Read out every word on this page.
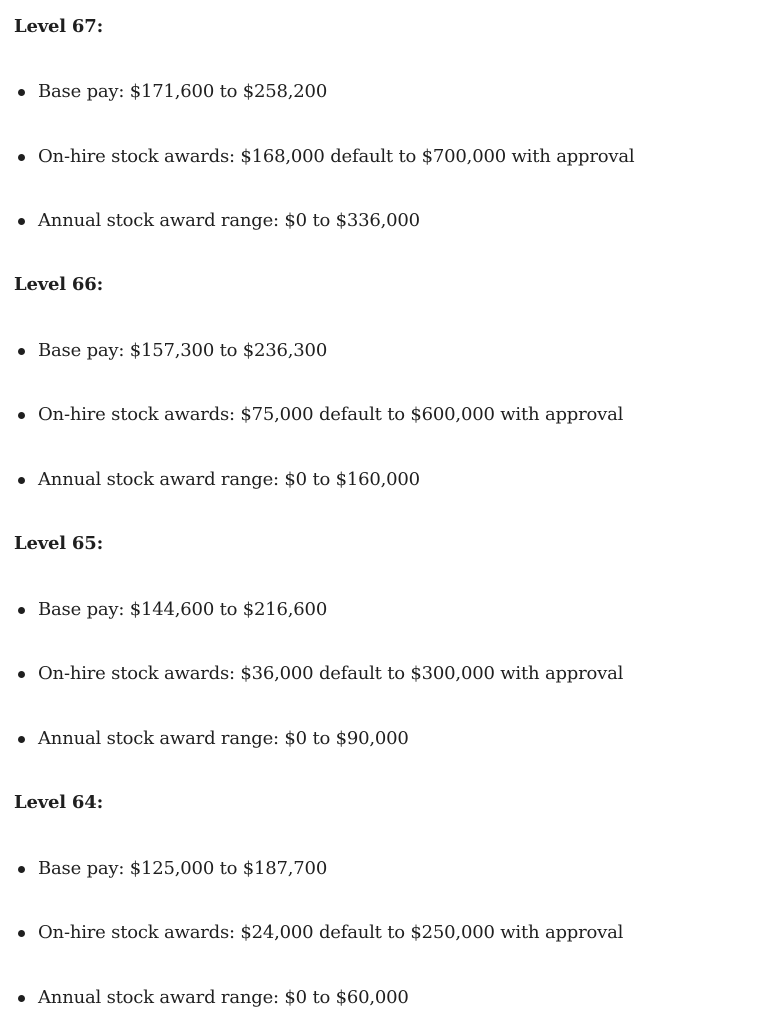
Level 67:
Base pay: $171,600 to $258,200
On-hire stock awards: $168,000 default to $700,000 with approval
Annual stock award range: $0 to $336,000
Level 66:
Base pay: $157,300 to $236,300
On-hire stock awards: $75,000 default to $600,000 with approval
Annual stock award range: $0 to $160,000
Level 65:
Base pay: $144,600 to $216,600
On-hire stock awards: $36,000 default to $300,000 with approval
Annual stock award range: $0 to $90,000
Level 64:
Base pay: $125,000 to $187,700
On-hire stock awards: $24,000 default to $250,000 with approval
Annual stock award range: $0 to $60,000
